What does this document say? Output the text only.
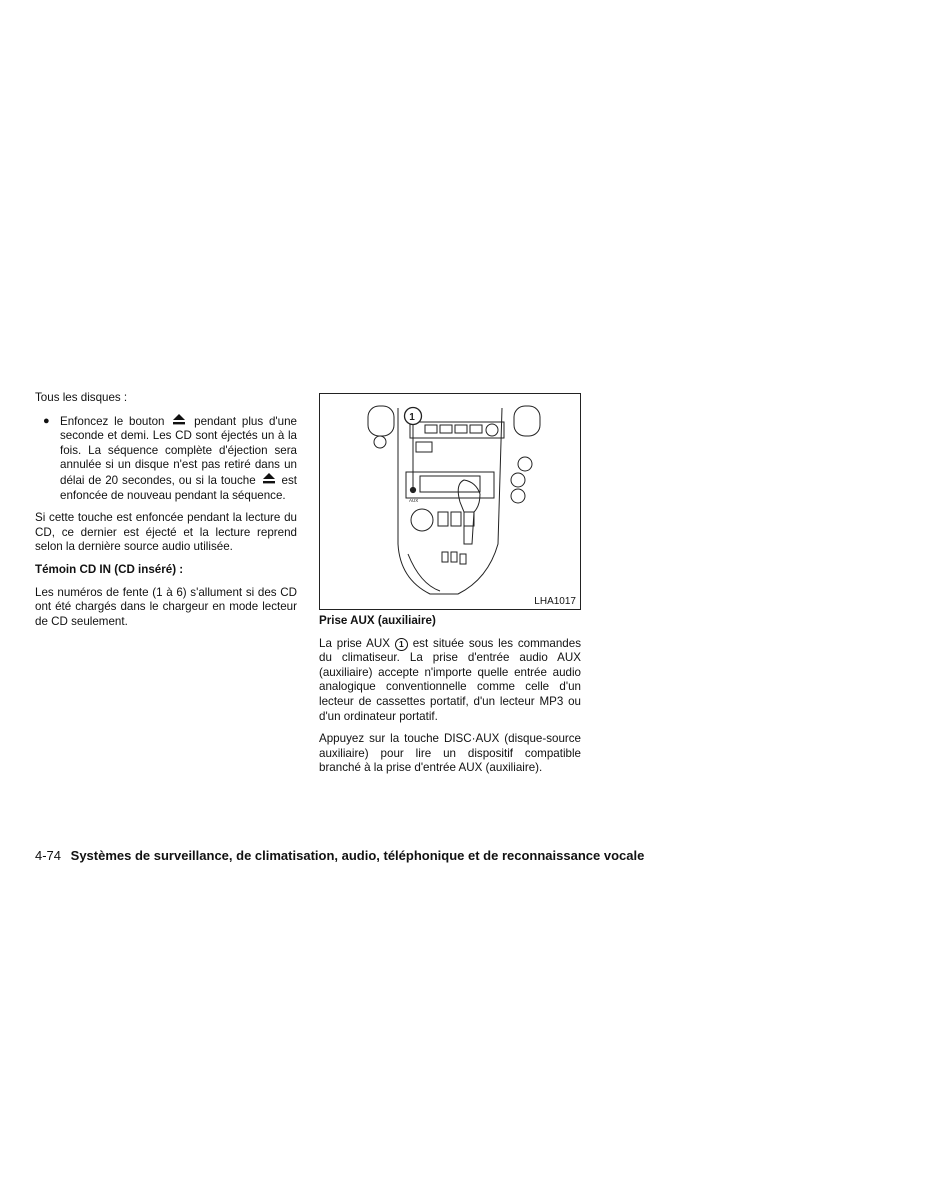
Tous les disques :

● Enfoncez le bouton	pendant plus d'une seconde et demi. Les CD sont éjectés un à la fois. La séquence complète d'éjection sera annulée si un disque n'est pas retiré dans un délai de 20 secondes, ou si la touche est enfoncée de nouveau pendant la séquence.

Si cette touche est enfoncée pendant la lecture du CD, ce dernier est éjecté et la lecture reprend selon la dernière source audio utilisée.

Témoin CD IN (CD inséré) :

Les numéros de fente (1 à 6) s'allument si des CD ont été chargés dans le chargeur en mode lecteur de CD seulement.

AUX
1
LHA1017

Prise AUX (auxiliaire)

La prise AUX 1 est située sous les commandes du climatiseur. La prise d'entrée audio AUX (auxiliaire) accepte n'importe quelle entrée audio analogique conventionnelle comme celle d'un lecteur de cassettes portatif, d'un lecteur MP3 ou d'un ordinateur portatif.

Appuyez sur la touche DISC·AUX (disque-source auxiliaire) pour lire un dispositif compatible branché à la prise d'entrée AUX (auxiliaire).

4-74 Systèmes de surveillance, de climatisation, audio, téléphonique et de reconnaissance vocale
